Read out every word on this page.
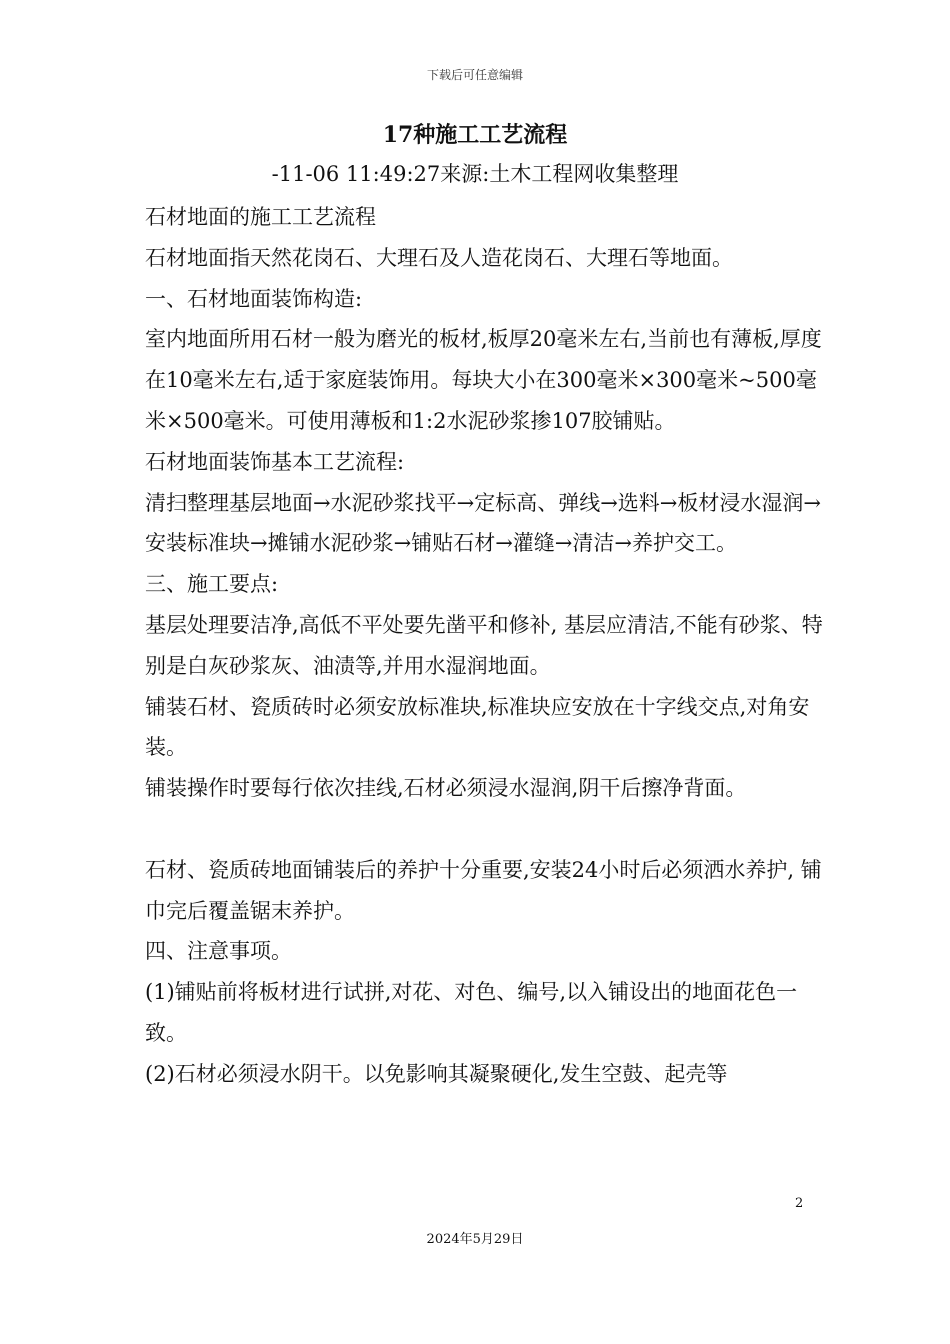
下载后可任意编辑
17种施工工艺流程
-11-06 11:49:27来源:土木工程网收集整理

石材地面的施工工艺流程

石材地面指天然花岗石、大理石及人造花岗石、大理石等地面。

一、石材地面装饰构造:

室内地面所用石材一般为磨光的板材,板厚20毫米左右,当前也有薄板,厚度在10毫米左右,适于家庭装饰用。每块大小在300毫米×300毫米~500毫米×500毫米。可使用薄板和1:2水泥砂浆掺107胶铺贴。

石材地面装饰基本工艺流程:

清扫整理基层地面→水泥砂浆找平→定标高、弹线→选料→板材浸水湿润→安装标准块→摊铺水泥砂浆→铺贴石材→灌缝→清洁→养护交工。

三、施工要点:

基层处理要洁净,高低不平处要先凿平和修补, 基层应清洁,不能有砂浆、特别是白灰砂浆灰、油渍等,并用水湿润地面。

铺装石材、瓷质砖时必须安放标准块,标准块应安放在十字线交点,对角安装。

铺装操作时要每行依次挂线,石材必须浸水湿润,阴干后擦净背面。

石材、瓷质砖地面铺装后的养护十分重要,安装24小时后必须洒水养护, 铺巾完后覆盖锯末养护。

四、注意事项。

(1)铺贴前将板材进行试拼,对花、对色、编号,以入铺设出的地面花色一致。

(2)石材必须浸水阴干。以免影响其凝聚硬化,发生空鼓、起壳等

2
2024年5月29日
